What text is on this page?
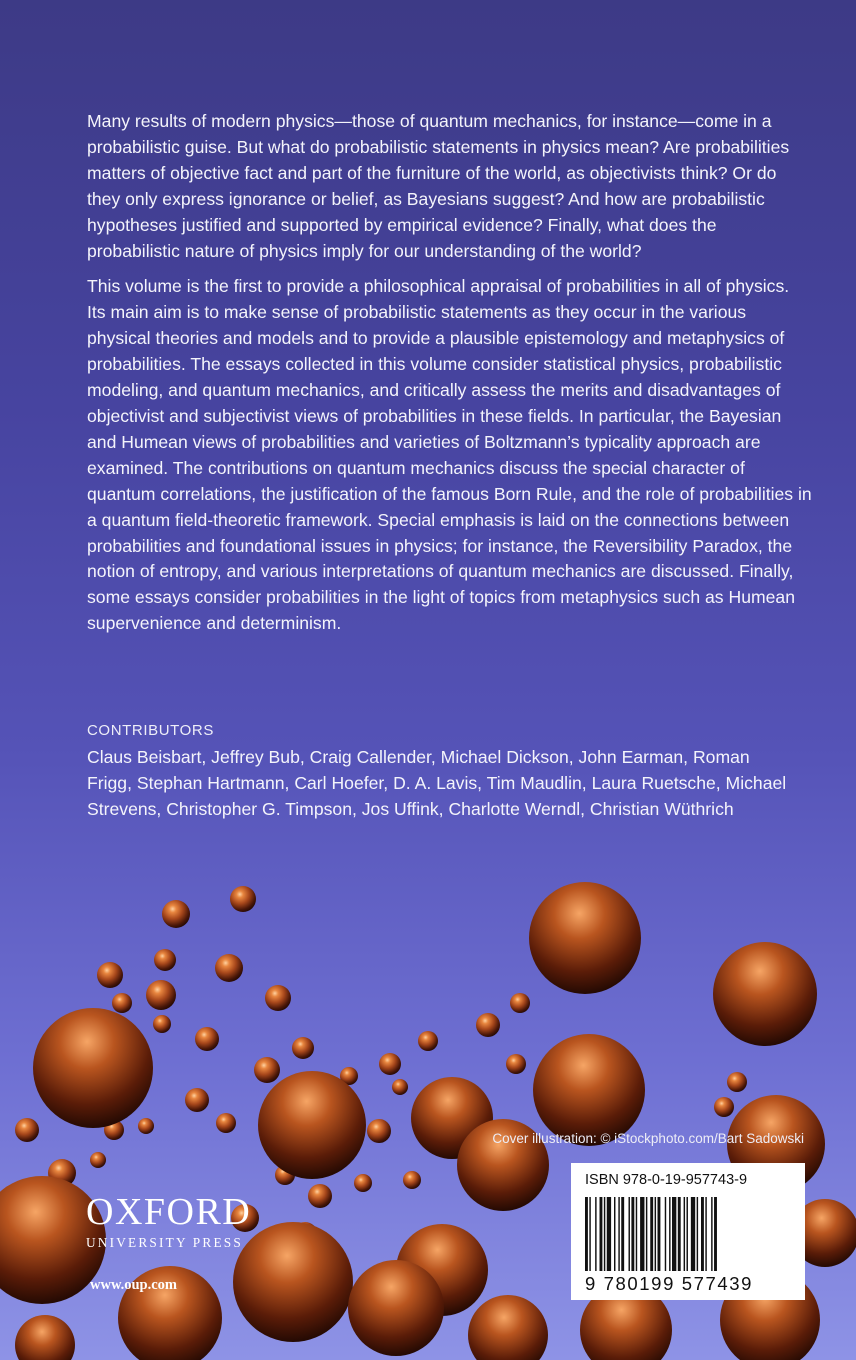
Many results of modern physics—those of quantum mechanics, for instance—come in a probabilistic guise. But what do probabilistic statements in physics mean? Are probabilities matters of objective fact and part of the furniture of the world, as objectivists think? Or do they only express ignorance or belief, as Bayesians suggest? And how are probabilistic hypotheses justified and supported by empirical evidence? Finally, what does the probabilistic nature of physics imply for our understanding of the world?

This volume is the first to provide a philosophical appraisal of probabilities in all of physics. Its main aim is to make sense of probabilistic statements as they occur in the various physical theories and models and to provide a plausible epistemology and metaphysics of probabilities. The essays collected in this volume consider statistical physics, probabilistic modeling, and quantum mechanics, and critically assess the merits and disadvantages of objectivist and subjectivist views of probabilities in these fields. In particular, the Bayesian and Humean views of probabilities and varieties of Boltzmann’s typicality approach are examined. The contributions on quantum mechanics discuss the special character of quantum correlations, the justification of the famous Born Rule, and the role of probabilities in a quantum field-theoretic framework. Special emphasis is laid on the connections between probabilities and foundational issues in physics; for instance, the Reversibility Paradox, the notion of entropy, and various interpretations of quantum mechanics are discussed. Finally, some essays consider probabilities in the light of topics from metaphysics such as Humean supervenience and determinism.

CONTRIBUTORS
Claus Beisbart, Jeffrey Bub, Craig Callender, Michael Dickson, John Earman, Roman Frigg, Stephan Hartmann, Carl Hoefer, D. A. Lavis, Tim Maudlin, Laura Ruetsche, Michael Strevens, Christopher G. Timpson, Jos Uffink, Charlotte Werndl, Christian Wüthrich
Cover illustration: © iStockphoto.com/Bart Sadowski
ISBN 978-0-19-957743-9
9 780199 577439
OXFORD
UNIVERSITY PRESS
www.oup.com
